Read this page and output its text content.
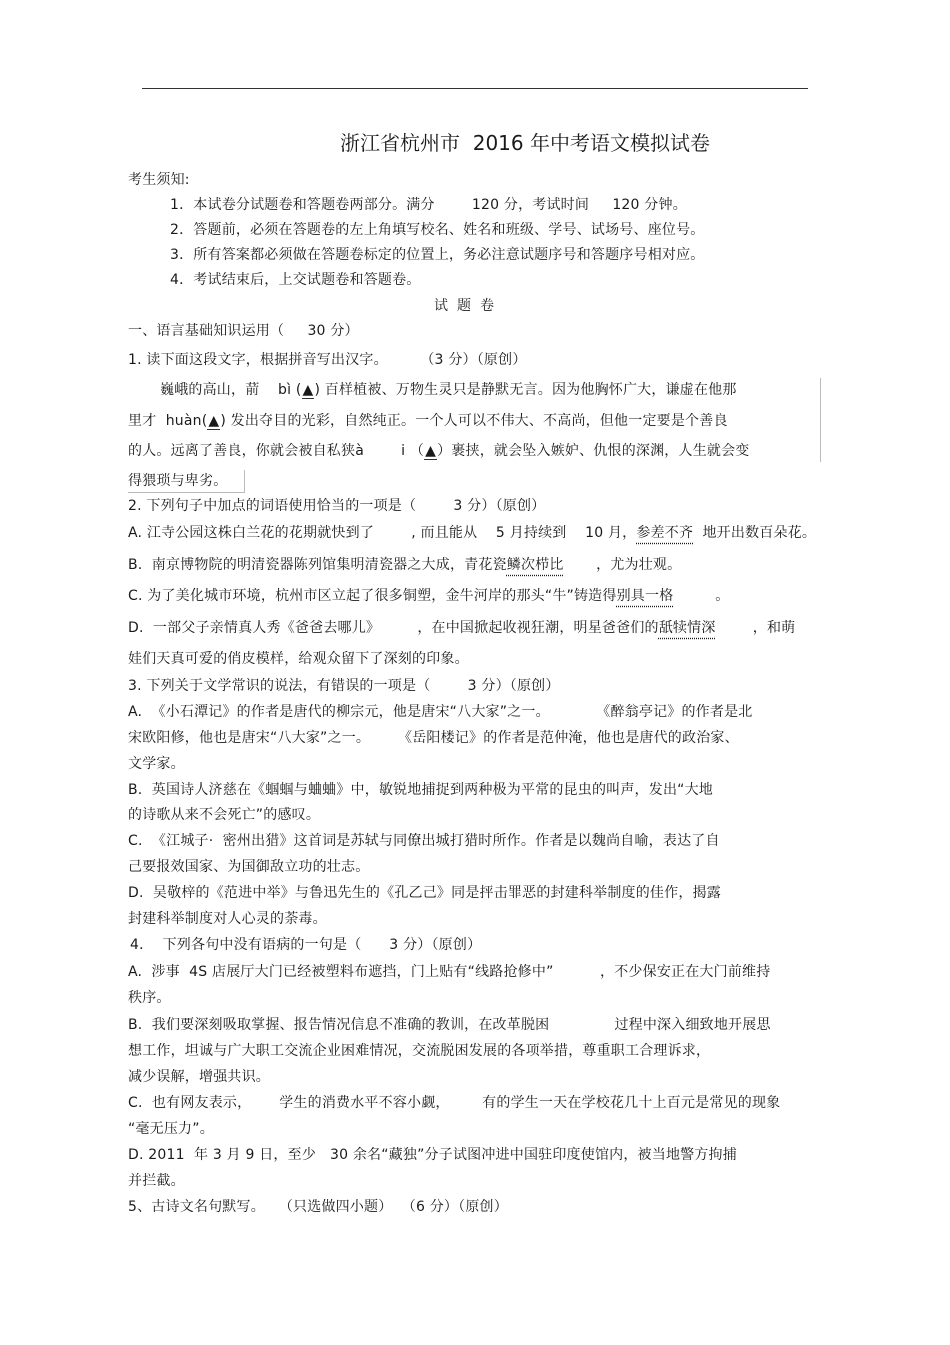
浙江省杭州市  2016 年中考语文模拟试卷
考生须知:
1．本试卷分试题卷和答题卷两部分。满分        120 分，考试时间     120 分钟。
2．答题前，必须在答题卷的左上角填写校名、姓名和班级、学号、试场号、座位号。
3．所有答案都必须做在答题卷标定的位置上，务必注意试题序号和答题序号相对应。
4．考试结束后，上交试题卷和答题卷。
试题卷
一、语言基础知识运用（     30 分）
1. 读下面这段文字，根据拼音写出汉字。       （3 分）（原创）
巍峨的高山，葥    bì (▲) 百样植被、万物生灵只是静默无言。因为他胸怀广大，谦虚在他那
里才  huàn(▲) 发出夺目的光彩，自然纯正。一个人可以不伟大、不高尚，但他一定要是个善良
的人。远离了善良，你就会被自私狭à        i （▲）裹挟，就会坠入嫉妒、仇恨的深渊，人生就会变
得猥琐与卑劣。
2. 下列句子中加点的词语使用恰当的一项是（        3 分）（原创）
A. 江寺公园这株白兰花的花期就快到了        , 而且能从    5 月持续到    10 月，参差不齐  地开出数百朵花。
B.  南京博物院的明清瓷器陈列馆集明清瓷器之大成，青花瓷鳞次栉比       ，尤为壮观。
C. 为了美化城市环境，杭州市区立起了很多铜塑，金牛河岸的那头“牛”铸造得别具一格         。
D.  一部父子亲情真人秀《爸爸去哪儿》        ，在中国掀起收视狂潮，明星爸爸们的舐犊情深        ，和萌
娃们天真可爱的俏皮模样，给观众留下了深刻的印象。
3. 下列关于文学常识的说法，有错误的一项是（        3 分）（原创）
A.  《小石潭记》的作者是唐代的柳宗元，他是唐宋“八大家”之一。          《醉翁亭记》的作者是北
宋欧阳修，他也是唐宋“八大家”之一。      《岳阳楼记》的作者是范仲淹，他也是唐代的政治家、
文学家。
B.  英国诗人济慈在《蝈蝈与蛐蛐》中，敏锐地捕捉到两种极为平常的昆虫的叫声，发出“大地
的诗歌从来不会死亡”的感叹。
C.  《江城子·  密州出猎》这首词是苏轼与同僚出城打猎时所作。作者是以魏尚自喻，表达了自
己要报效国家、为国御敌立功的壮志。
D.  吴敬梓的《范进中举》与鲁迅先生的《孔乙己》同是抨击罪恶的封建科举制度的佳作，揭露
封建科举制度对人心灵的荼毒。
4．  下列各句中没有语病的一句是（      3 分）（原创）
A.  涉事  4S 店展厅大门已经被塑料布遮挡，门上贴有“线路抢修中”          ，不少保安正在大门前维持
秩序。
B.  我们要深刻吸取掌握、报告情况信息不准确的教训，在改革脱困              过程中深入细致地开展思
想工作，坦诚与广大职工交流企业困难情况，交流脱困发展的各项举措，尊重职工合理诉求，
减少误解，增强共识。
C.  也有网友表示，      学生的消费水平不容小觑，       有的学生一天在学校花几十上百元是常见的现象
“毫无压力”。
D. 2011  年 3 月 9 日，至少   30 余名“藏独”分子试图冲进中国驻印度使馆内，被当地警方拘捕
并拦截。
5、古诗文名句默写。   （只选做四小题）  （6 分）（原创）
